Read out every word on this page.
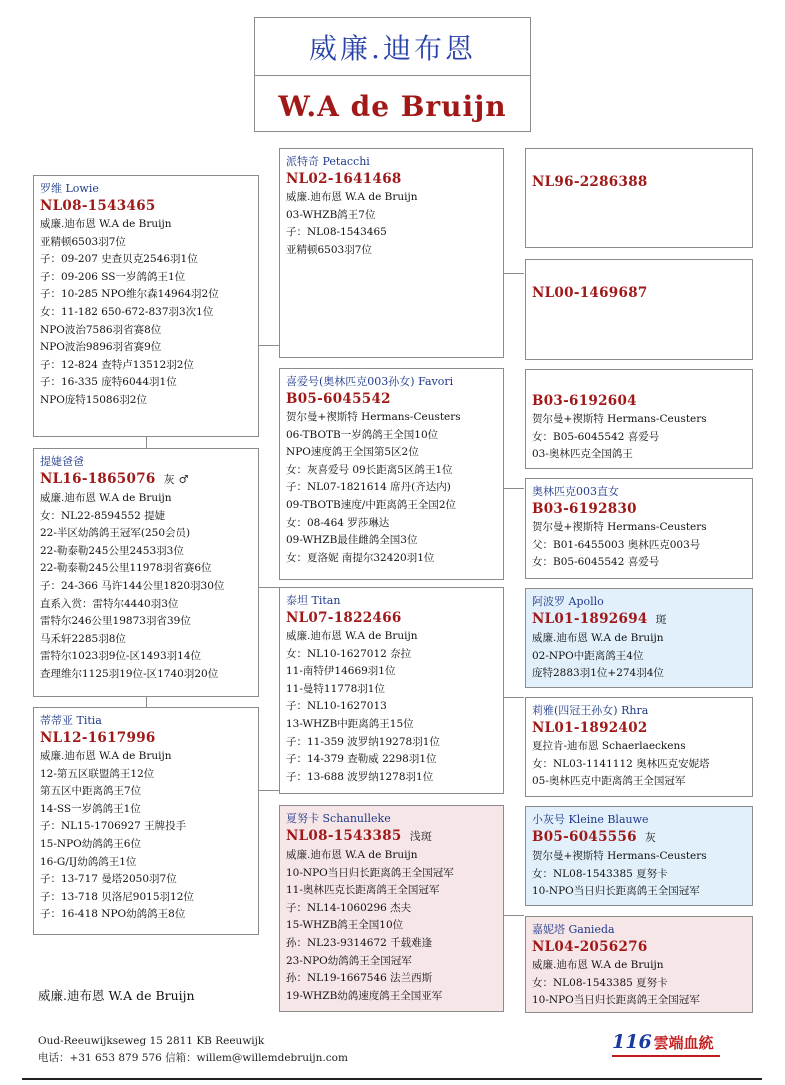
威廉.迪布恩
W.A de Bruijn
罗维 Lowie
NL08-1543465
威廉.迪布恩 W.A de Bruijn
亚精顿6503羽7位
子：09-207 史查贝克2546羽1位
子：09-206 SS一岁鸽鸽王1位
子：10-285 NPO维尔森14964羽2位
女：11-182 650-672-837羽3次1位
NPO波治7586羽省赛8位
NPO波治9896羽省赛9位
子：12-824 查特卢13512羽2位
子：16-335 庞特6044羽1位
NPO庞特15086羽2位
提婕爸爸
NL16-1865076 灰 ♂
威廉.迪布恩 W.A de Bruijn
女：NL22-8594552 提婕
22-半区幼鸽鸽王冠军(250会员)
22-勒泰勒245公里2453羽3位
22-勒泰勒245公里11978羽省赛6位
子：24-366 马许144公里1820羽30位
直系入赏：雷特尔4440羽3位
雷特尔246公里19873羽省39位
马禾轩2285羽8位
雷特尔1023羽9位-区1493羽14位
查理维尔1125羽19位-区1740羽20位
蒂蒂亚 Titia
NL12-1617996
威廉.迪布恩 W.A de Bruijn
12-第五区联盟鸽王12位
第五区中距离鸽王7位
14-SS一岁鸽鸽王1位
子：NL15-1706927 王牌投手
15-NPO幼鸽鸽王6位
16-G/IJ幼鸽鸽王1位
子：13-717 曼塔2050羽7位
子：13-718 贝洛尼9015羽12位
子：16-418 NPO幼鸽鸽王8位
派特奇 Petacchi
NL02-1641468
威廉.迪布恩 W.A de Bruijn
03-WHZB鸽王7位
子：NL08-1543465
亚精顿6503羽7位
喜爱号(奥林匹克003孙女) Favori
B05-6045542
贺尔曼+禊斯特 Hermans-Ceusters
06-TBOTB一岁鸽鸽王全国10位
NPO速度鸽王全国第5区2位
女：灰喜爱号 09长距离5区鸽王1位
子：NL07-1821614 席丹(齐达内)
09-TBOTB速度/中距离鸽王全国2位
女：08-464 罗莎琳达
09-WHZB最佳雌鸽全国3位
女：夏洛妮 南提尔32420羽1位
泰坦 Titan
NL07-1822466
威廉.迪布恩 W.A de Bruijn
女：NL10-1627012 奈拉
11-南特伊14669羽1位
11-曼特11778羽1位
子：NL10-1627013
13-WHZB中距离鸽王15位
子：11-359 波罗纳19278羽1位
子：14-379 查勒威 2298羽1位
子：13-688 波罗纳1278羽1位
夏努卡 Schanulleke
NL08-1543385 浅斑
威廉.迪布恩 W.A de Bruijn
10-NPO当日归长距离鸽王全国冠军
11-奥林匹克长距离鸽王全国冠军
子：NL14-1060296 杰夫
15-WHZB鸽王全国10位
孙：NL23-9314672 千载难逢
23-NPO幼鸽鸽王全国冠军
孙：NL19-1667546 法兰西斯
19-WHZB幼鸽速度鸽王全国亚军
NL96-2286388
NL00-1469687
B03-6192604
贺尔曼+禊斯特 Hermans-Ceusters
女：B05-6045542 喜爱号
03-奥林匹克全国鸽王
奥林匹克003直女
B03-6192830
贺尔曼+禊斯特 Hermans-Ceusters
父：B01-6455003 奥林匹克003号
女：B05-6045542 喜爱号
阿波罗 Apollo
NL01-1892694 斑
威廉.迪布恩 W.A de Bruijn
02-NPO中距离鸽王4位
庞特2883羽1位+274羽4位
莉雅(四冠王孙女) Rhra
NL01-1892402
夏拉肯-迪布恩 Schaerlaeckens
女：NL03-1141112 奥林匹克安妮塔
05-奥林匹克中距离鸽王全国冠军
小灰号 Kleine Blauwe
B05-6045556 灰
贺尔曼+禊斯特 Hermans-Ceusters
女：NL08-1543385 夏努卡
10-NPO当日归长距离鸽王全国冠军
嘉妮塔 Ganieda
NL04-2056276
威廉.迪布恩 W.A de Bruijn
女：NL08-1543385 夏努卡
10-NPO当日归长距离鸽王全国冠军
威廉.迪布恩 W.A de Bruijn
Oud-Reeuwijkseweg 15 2811 KB Reeuwijk
电话：+31 653 879 576 信箱：willem@willemdebruijn.com
116 雲端血統
